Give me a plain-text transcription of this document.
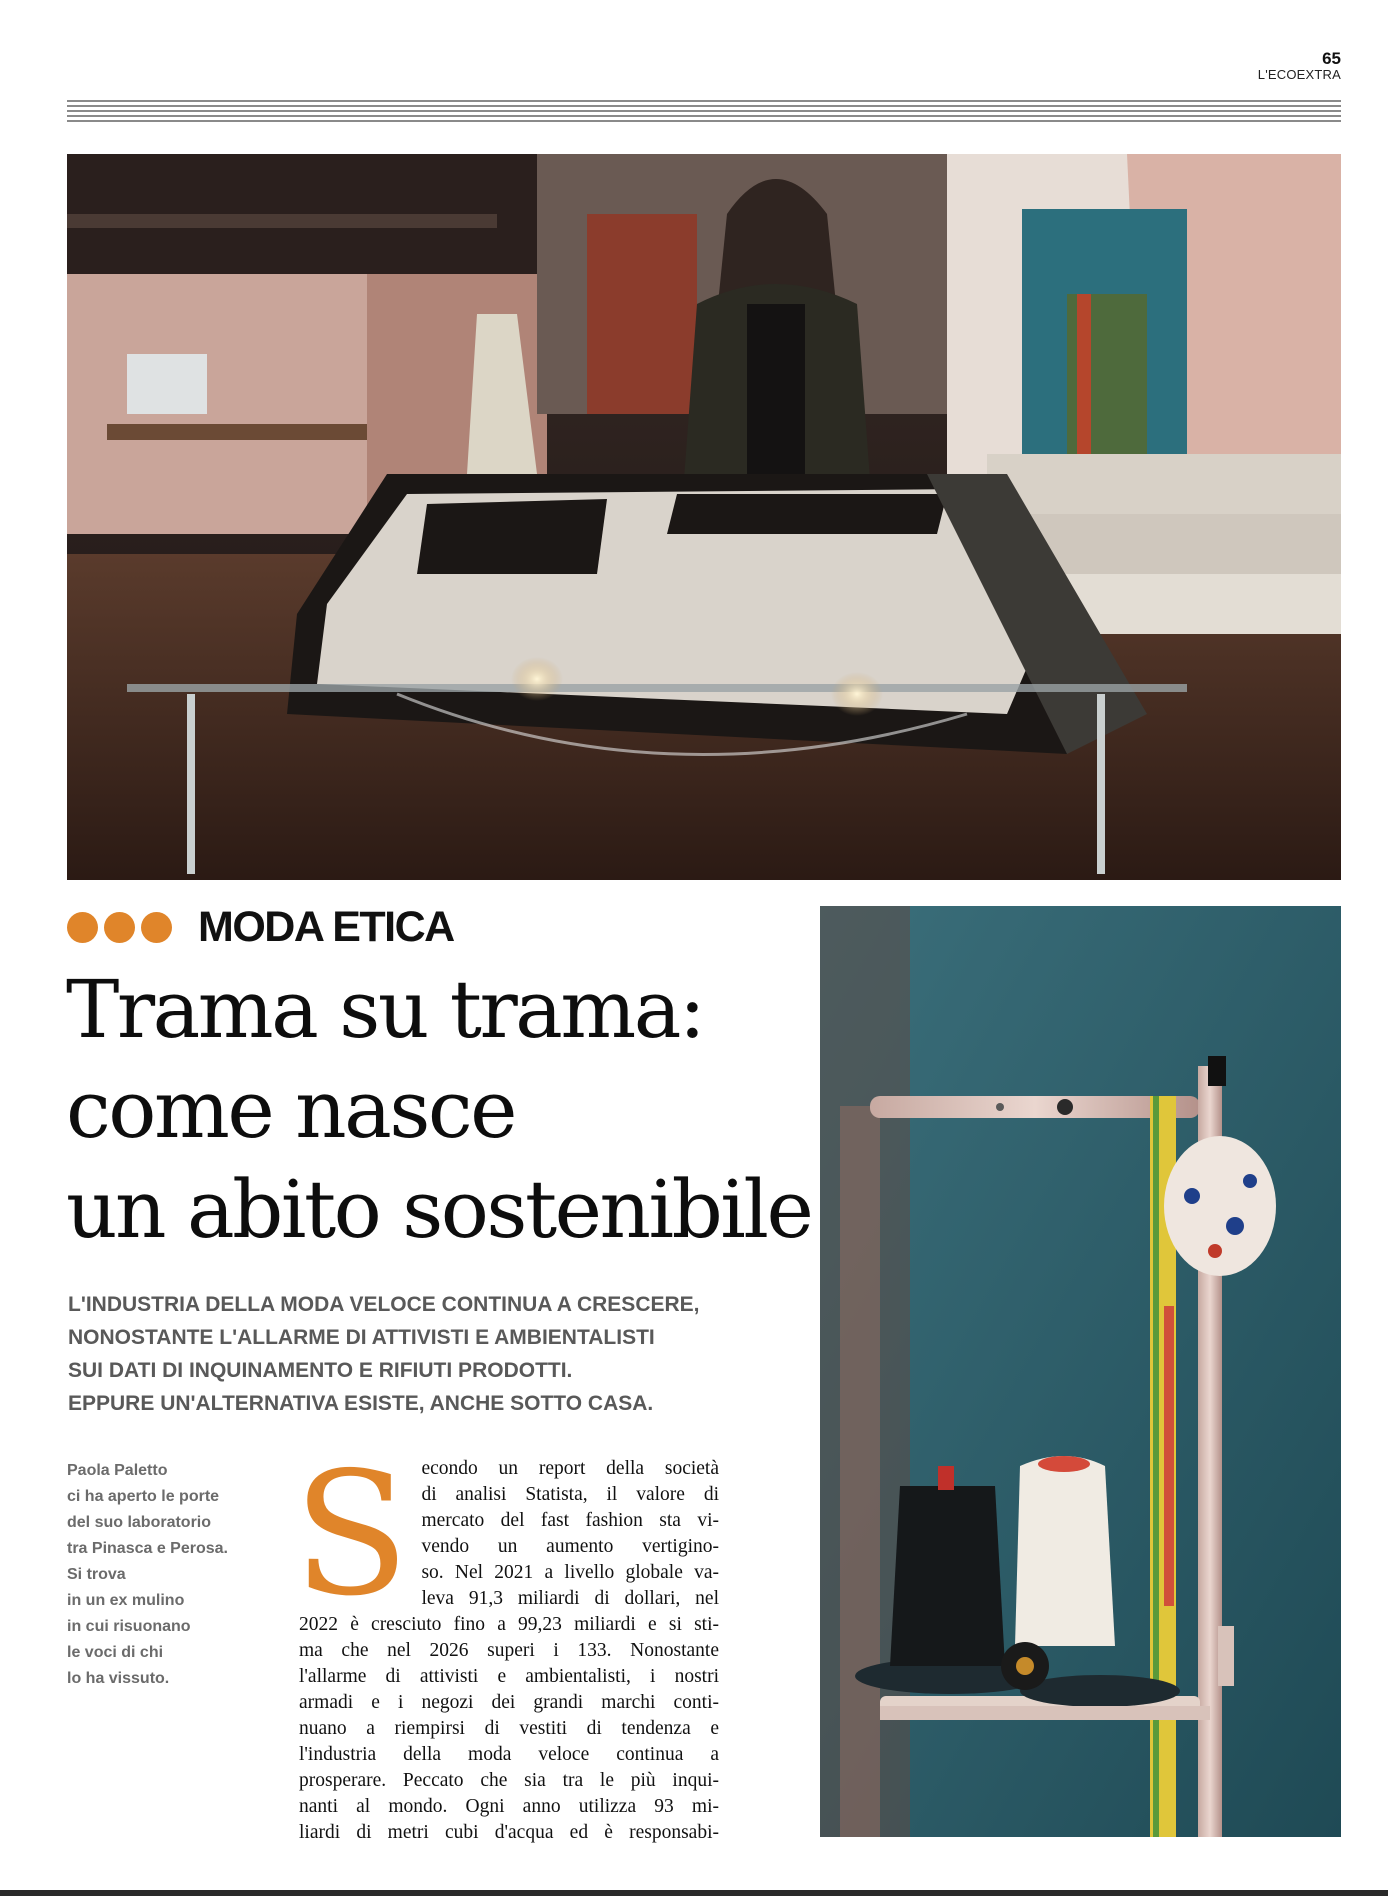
65
L'ECOEXTRA
MODA ETICA
Trama su trama:
come nasce
un abito sostenibile
L'INDUSTRIA DELLA MODA VELOCE CONTINUA A CRESCERE,
NONOSTANTE L'ALLARME DI ATTIVISTI E AMBIENTALISTI
SUI DATI DI INQUINAMENTO E RIFIUTI PRODOTTI.
EPPURE UN'ALTERNATIVA ESISTE, ANCHE SOTTO CASA.
Paola Paletto
ci ha aperto le porte
del suo laboratorio
tra Pinasca e Perosa.
Si trova
in un ex mulino
in cui risuonano
le voci di chi
lo ha vissuto.
S econdo un report della società
di analisi Statista, il valore di
mercato del fast fashion sta vi-
vendo un aumento vertigino-
so. Nel 2021 a livello globale va-
leva 91,3 miliardi di dollari, nel
2022 è cresciuto fino a 99,23 miliardi e si sti-
ma che nel 2026 superi i 133. Nonostante
l'allarme di attivisti e ambientalisti, i nostri
armadi e i negozi dei grandi marchi conti-
nuano a riempirsi di vestiti di tendenza e
l'industria della moda veloce continua a
prosperare. Peccato che sia tra le più inqui-
nanti al mondo. Ogni anno utilizza 93 mi-
liardi di metri cubi d'acqua ed è responsabi-
